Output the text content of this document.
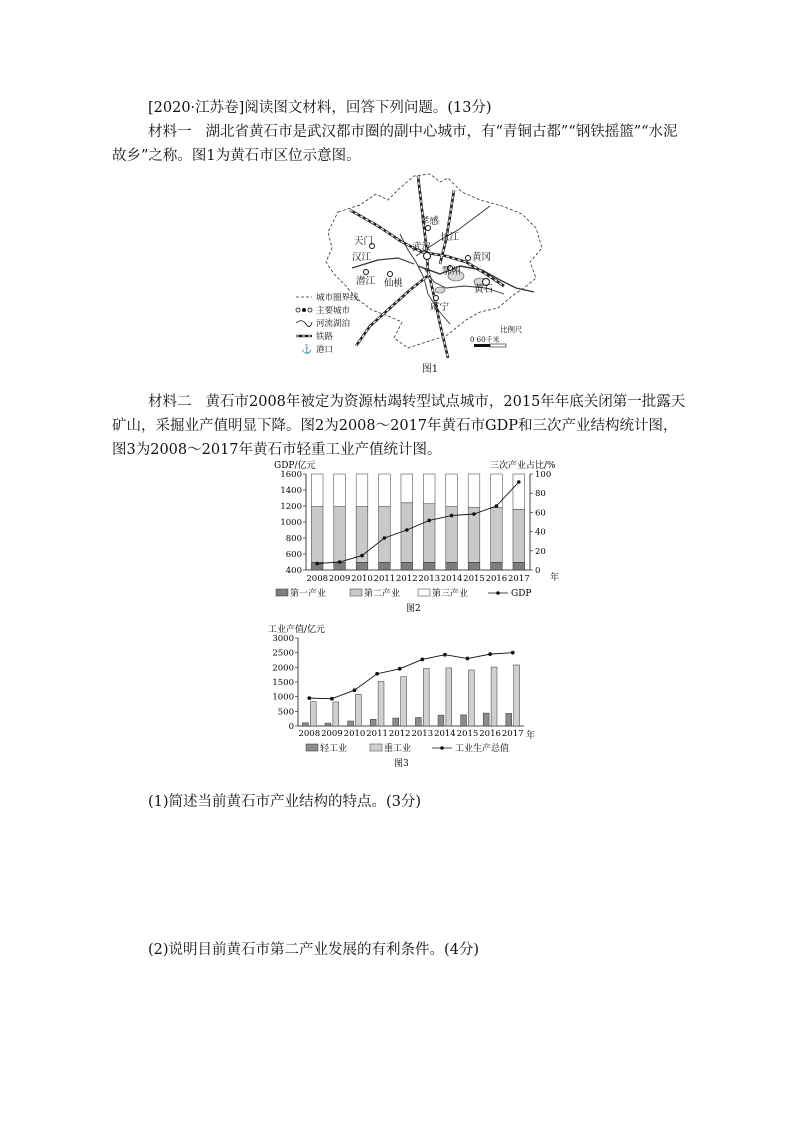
[2020·江苏卷]阅读图文材料，回答下列问题。(13分)

材料一 湖北省黄石市是武汉都市圈的副中心城市，有“青铜古都”“钢铁摇篮”“水泥故乡”之称。图1为黄石市区位示意图。

孝感
天门
武汉
黄冈
汉江
长江
潜江 仙桃
鄂州
黄石
咸宁
城市圈界线
主要城市
河流湖泊
铁路
⚓ 港口
比例尺
0 60千米
图1

材料二 黄石市2008年被定为资源枯竭转型试点城市，2015年年底关闭第一批露天矿山，采掘业产值明显下降。图2为2008～2017年黄石市GDP和三次产业结构统计图，图3为2008～2017年黄石市轻重工业产值统计图。

GDP/亿元	三次产业占比/%
400
600
800
1000
1200
1400
1600
0
20
40
60
80
100
2008 2009 2010 2011 2012 2013 2014 2015 2016 2017 年
第一产业	第二产业	第三产业	GDP
图2
工业产值/亿元
0
500
1000
1500
2000
2500
3000
2008 2009 2010 2011 2012 2013 2014 2015 2016 2017 年
轻工业	重工业	工业生产总值
图3

(1)简述当前黄石市产业结构的特点。(3分)

(2)说明目前黄石市第二产业发展的有利条件。(4分)
